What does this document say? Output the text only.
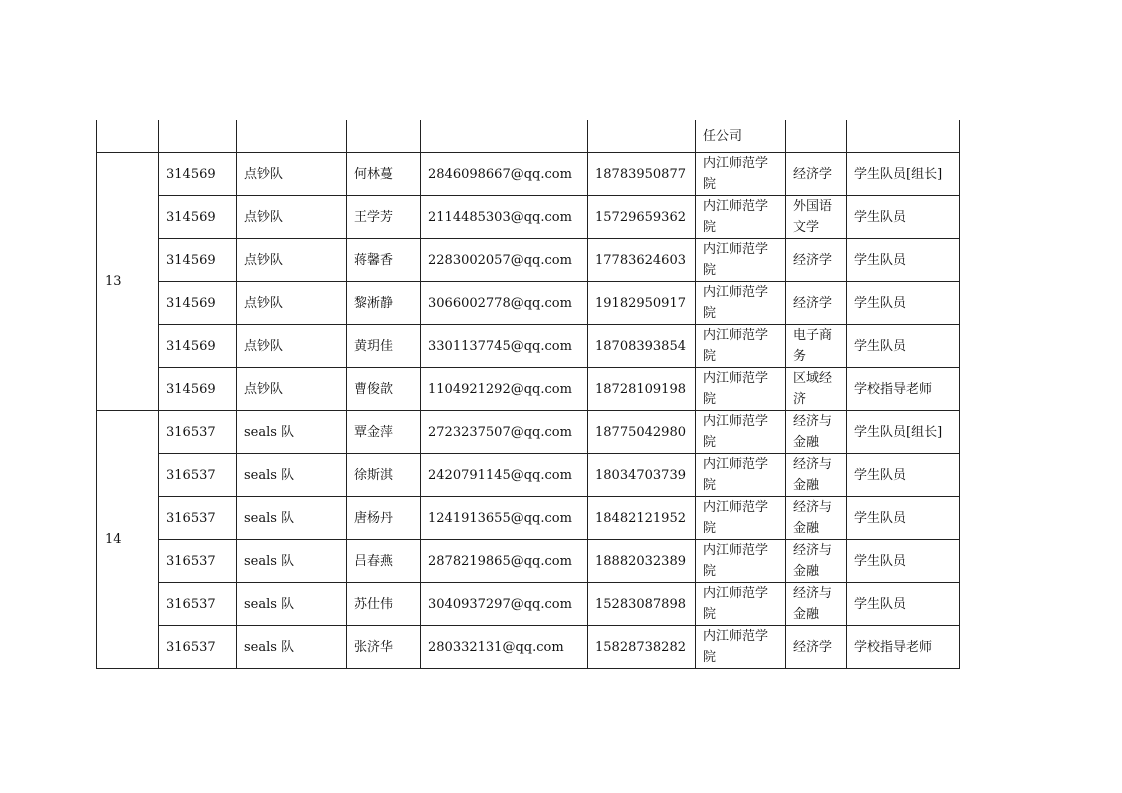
						任公司		
13	314569	点钞队	何林蔓	2846098667@qq.com	18783950877	内江师范学院	经济学	学生队员[组长]
	314569	点钞队	王学芳	2114485303@qq.com	15729659362	内江师范学院	外国语文学	学生队员
	314569	点钞队	蒋馨香	2283002057@qq.com	17783624603	内江师范学院	经济学	学生队员
	314569	点钞队	黎淅静	3066002778@qq.com	19182950917	内江师范学院	经济学	学生队员
	314569	点钞队	黄玥佳	3301137745@qq.com	18708393854	内江师范学院	电子商务	学生队员
	314569	点钞队	曹俊歆	1104921292@qq.com	18728109198	内江师范学院	区域经济	学校指导老师
14	316537	seals 队	覃金萍	2723237507@qq.com	18775042980	内江师范学院	经济与金融	学生队员[组长]
	316537	seals 队	徐斯淇	2420791145@qq.com	18034703739	内江师范学院	经济与金融	学生队员
	316537	seals 队	唐杨丹	1241913655@qq.com	18482121952	内江师范学院	经济与金融	学生队员
	316537	seals 队	吕春燕	2878219865@qq.com	18882032389	内江师范学院	经济与金融	学生队员
	316537	seals 队	苏仕伟	3040937297@qq.com	15283087898	内江师范学院	经济与金融	学生队员
	316537	seals 队	张济华	280332131@qq.com	15828738282	内江师范学院	经济学	学校指导老师
